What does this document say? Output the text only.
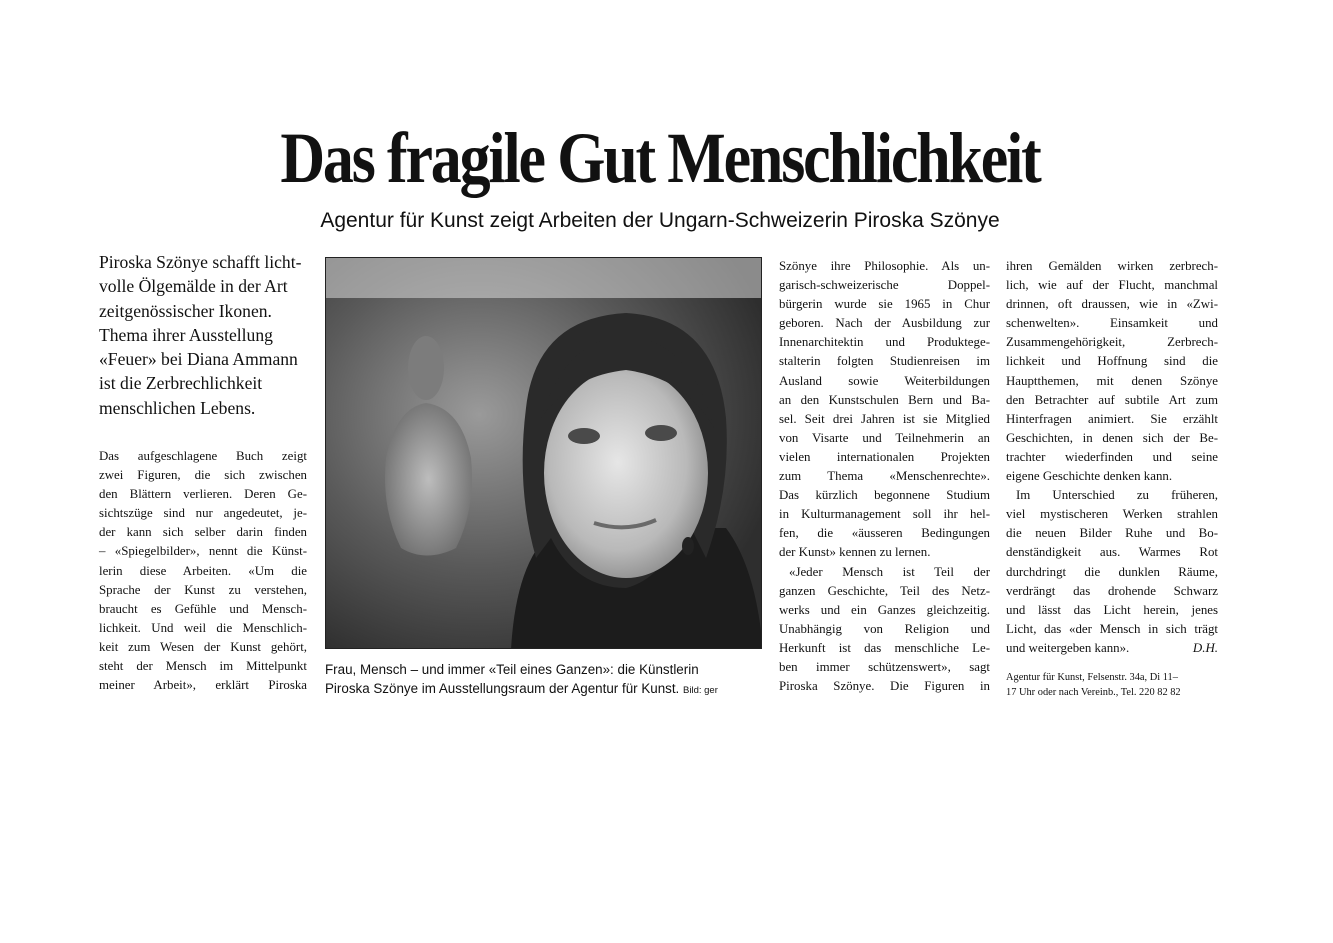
Das fragile Gut Menschlichkeit
Agentur für Kunst zeigt Arbeiten der Ungarn-Schweizerin Piroska Szönye
Piroska Szönye schafft licht-
volle Ölgemälde in der Art
zeitgenössischer Ikonen.
Thema ihrer Ausstellung
«Feuer» bei Diana Ammann
ist die Zerbrechlichkeit
menschlichen Lebens.
Das aufgeschlagene Buch zeigt
zwei Figuren, die sich zwischen
den Blättern verlieren. Deren Ge-
sichtszüge sind nur angedeutet, je-
der kann sich selber darin finden
– «Spiegelbilder», nennt die Künst-
lerin diese Arbeiten. «Um die
Sprache der Kunst zu verstehen,
braucht es Gefühle und Mensch-
lichkeit. Und weil die Menschlich-
keit zum Wesen der Kunst gehört,
steht der Mensch im Mittelpunkt
meiner Arbeit», erklärt Piroska
Frau, Mensch – und immer «Teil eines Ganzen»: die Künstlerin
Piroska Szönye im Ausstellungsraum der Agentur für Kunst. Bild: ger
Szönye ihre Philosophie. Als un-
garisch-schweizerische Doppel-
bürgerin wurde sie 1965 in Chur
geboren. Nach der Ausbildung zur
Innenarchitektin und Produktege-
stalterin folgten Studienreisen im
Ausland sowie Weiterbildungen
an den Kunstschulen Bern und Ba-
sel. Seit drei Jahren ist sie Mitglied
von Visarte und Teilnehmerin an
vielen internationalen Projekten
zum Thema «Menschenrechte».
Das kürzlich begonnene Studium
in Kulturmanagement soll ihr hel-
fen, die «äusseren Bedingungen
der Kunst» kennen zu lernen.
«Jeder Mensch ist Teil der
ganzen Geschichte, Teil des Netz-
werks und ein Ganzes gleichzeitig.
Unabhängig von Religion und
Herkunft ist das menschliche Le-
ben immer schützenswert», sagt
Piroska Szönye. Die Figuren in
ihren Gemälden wirken zerbrech-
lich, wie auf der Flucht, manchmal
drinnen, oft draussen, wie in «Zwi-
schenwelten». Einsamkeit und
Zusammengehörigkeit, Zerbrech-
lichkeit und Hoffnung sind die
Hauptthemen, mit denen Szönye
den Betrachter auf subtile Art zum
Hinterfragen animiert. Sie erzählt
Geschichten, in denen sich der Be-
trachter wiederfinden und seine
eigene Geschichte denken kann.
Im Unterschied zu früheren,
viel mystischeren Werken strahlen
die neuen Bilder Ruhe und Bo-
denständigkeit aus. Warmes Rot
durchdringt die dunklen Räume,
verdrängt das drohende Schwarz
und lässt das Licht herein, jenes
Licht, das «der Mensch in sich trägt
und weitergeben kann».	D.H.
Agentur für Kunst, Felsenstr. 34a, Di 11–
17 Uhr oder nach Vereinb., Tel. 220 82 82
